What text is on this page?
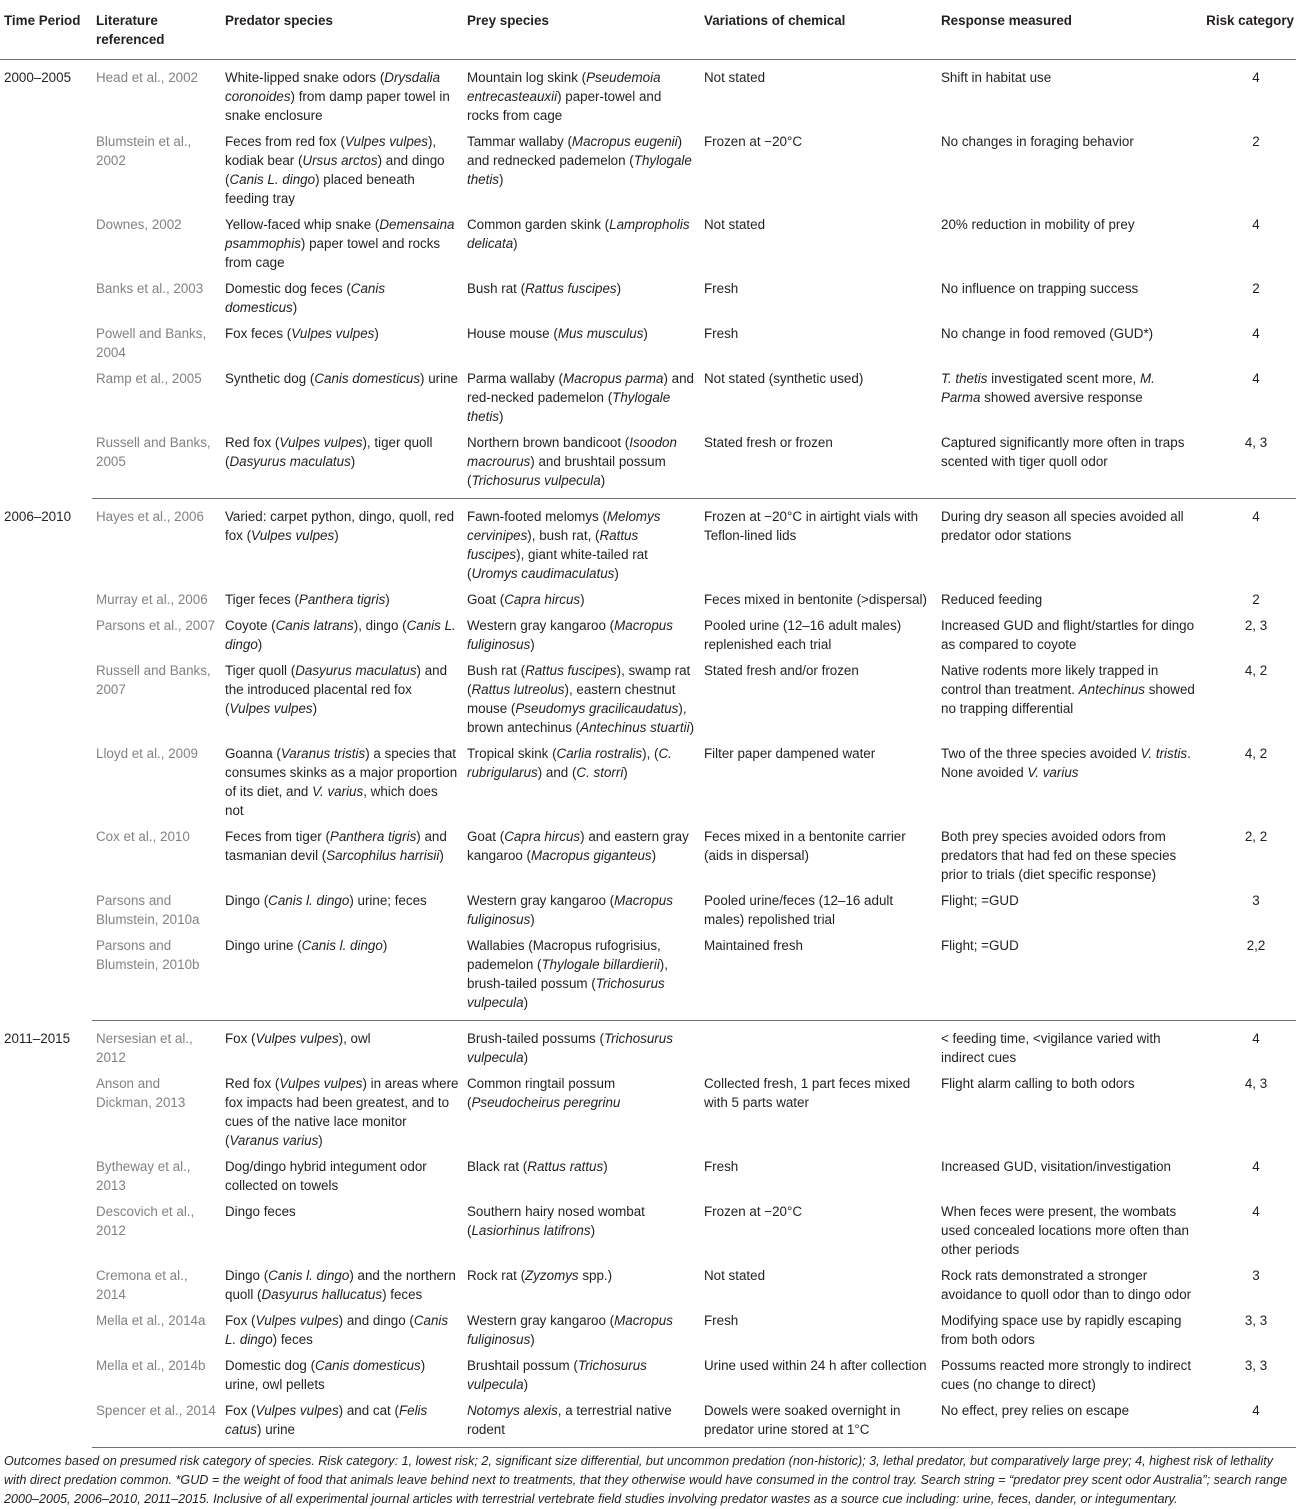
Time Period	Literature referenced	Predator species	Prey species	Variations of chemical	Response measured	Risk category
2000–2005	Head et al., 2002	White-lipped snake odors (Drysdalia coronoides) from damp paper towel in snake enclosure	Mountain log skink (Pseudemoia entrecasteauxii) paper-towel and rocks from cage	Not stated	Shift in habitat use	4
	Blumstein et al., 2002	Feces from red fox (Vulpes vulpes), kodiak bear (Ursus arctos) and dingo (Canis L. dingo) placed beneath feeding tray	Tammar wallaby (Macropus eugenii) and rednecked pademelon (Thylogale thetis)	Frozen at −20°C	No changes in foraging behavior	2
	Downes, 2002	Yellow-faced whip snake (Demensaina psammophis) paper towel and rocks from cage	Common garden skink (Lampropholis delicata)	Not stated	20% reduction in mobility of prey	4
	Banks et al., 2003	Domestic dog feces (Canis domesticus)	Bush rat (Rattus fuscipes)	Fresh	No influence on trapping success	2
	Powell and Banks, 2004	Fox feces (Vulpes vulpes)	House mouse (Mus musculus)	Fresh	No change in food removed (GUD*)	4
	Ramp et al., 2005	Synthetic dog (Canis domesticus) urine	Parma wallaby (Macropus parma) and red-necked pademelon (Thylogale thetis)	Not stated (synthetic used)	T. thetis investigated scent more, M. Parma showed aversive response	4
	Russell and Banks, 2005	Red fox (Vulpes vulpes), tiger quoll (Dasyurus maculatus)	Northern brown bandicoot (Isoodon macrourus) and brushtail possum (Trichosurus vulpecula)	Stated fresh or frozen	Captured significantly more often in traps scented with tiger quoll odor	4, 3
2006–2010	Hayes et al., 2006	Varied: carpet python, dingo, quoll, red fox (Vulpes vulpes)	Fawn-footed melomys (Melomys cervinipes), bush rat, (Rattus fuscipes), giant white-tailed rat (Uromys caudimaculatus)	Frozen at −20°C in airtight vials with Teflon-lined lids	During dry season all species avoided all predator odor stations	4
	Murray et al., 2006	Tiger feces (Panthera tigris)	Goat (Capra hircus)	Feces mixed in bentonite (>dispersal)	Reduced feeding	2
	Parsons et al., 2007	Coyote (Canis latrans), dingo (Canis L. dingo)	Western gray kangaroo (Macropus fuliginosus)	Pooled urine (12–16 adult males) replenished each trial	Increased GUD and flight/startles for dingo as compared to coyote	2, 3
	Russell and Banks, 2007	Tiger quoll (Dasyurus maculatus) and the introduced placental red fox (Vulpes vulpes)	Bush rat (Rattus fuscipes), swamp rat (Rattus lutreolus), eastern chestnut mouse (Pseudomys gracilicaudatus), brown antechinus (Antechinus stuartii)	Stated fresh and/or frozen	Native rodents more likely trapped in control than treatment. Antechinus showed no trapping differential	4, 2
	Lloyd et al., 2009	Goanna (Varanus tristis) a species that consumes skinks as a major proportion of its diet, and V. varius, which does not	Tropical skink (Carlia rostralis), (C. rubrigularus) and (C. storri)	Filter paper dampened water	Two of the three species avoided V. tristis. None avoided V. varius	4, 2
	Cox et al., 2010	Feces from tiger (Panthera tigris) and tasmanian devil (Sarcophilus harrisii)	Goat (Capra hircus) and eastern gray kangaroo (Macropus giganteus)	Feces mixed in a bentonite carrier (aids in dispersal)	Both prey species avoided odors from predators that had fed on these species prior to trials (diet specific response)	2, 2
	Parsons and Blumstein, 2010a	Dingo (Canis l. dingo) urine; feces	Western gray kangaroo (Macropus fuliginosus)	Pooled urine/feces (12–16 adult males) repolished trial	Flight; =GUD	3
	Parsons and Blumstein, 2010b	Dingo urine (Canis l. dingo)	Wallabies (Macropus rufogrisius, pademelon (Thylogale billardierii), brush-tailed possum (Trichosurus vulpecula)	Maintained fresh	Flight; =GUD	2,2
2011–2015	Nersesian et al., 2012	Fox (Vulpes vulpes), owl	Brush-tailed possums (Trichosurus vulpecula)		< feeding time, <vigilance varied with indirect cues	4
	Anson and Dickman, 2013	Red fox (Vulpes vulpes) in areas where fox impacts had been greatest, and to cues of the native lace monitor (Varanus varius)	Common ringtail possum (Pseudocheirus peregrinu	Collected fresh, 1 part feces mixed with 5 parts water	Flight alarm calling to both odors	4, 3
	Bytheway et al., 2013	Dog/dingo hybrid integument odor collected on towels	Black rat (Rattus rattus)	Fresh	Increased GUD, visitation/investigation	4
	Descovich et al., 2012	Dingo feces	Southern hairy nosed wombat (Lasiorhinus latifrons)	Frozen at −20°C	When feces were present, the wombats used concealed locations more often than other periods	4
	Cremona et al., 2014	Dingo (Canis l. dingo) and the northern quoll (Dasyurus hallucatus) feces	Rock rat (Zyzomys spp.)	Not stated	Rock rats demonstrated a stronger avoidance to quoll odor than to dingo odor	3
	Mella et al., 2014a	Fox (Vulpes vulpes) and dingo (Canis L. dingo) feces	Western gray kangaroo (Macropus fuliginosus)	Fresh	Modifying space use by rapidly escaping from both odors	3, 3
	Mella et al., 2014b	Domestic dog (Canis domesticus) urine, owl pellets	Brushtail possum (Trichosurus vulpecula)	Urine used within 24 h after collection	Possums reacted more strongly to indirect cues (no change to direct)	3, 3
	Spencer et al., 2014	Fox (Vulpes vulpes) and cat (Felis catus) urine	Notomys alexis, a terrestrial native rodent	Dowels were soaked overnight in predator urine stored at 1°C	No effect, prey relies on escape	4
Outcomes based on presumed risk category of species. Risk category: 1, lowest risk; 2, significant size differential, but uncommon predation (non-historic); 3, lethal predator, but comparatively large prey; 4, highest risk of lethality with direct predation common. *GUD = the weight of food that animals leave behind next to treatments, that they otherwise would have consumed in the control tray. Search string = “predator prey scent odor Australia”; search range 2000–2005, 2006–2010, 2011–2015. Inclusive of all experimental journal articles with terrestrial vertebrate field studies involving predator wastes as a source cue including: urine, feces, dander, or integumentary.
